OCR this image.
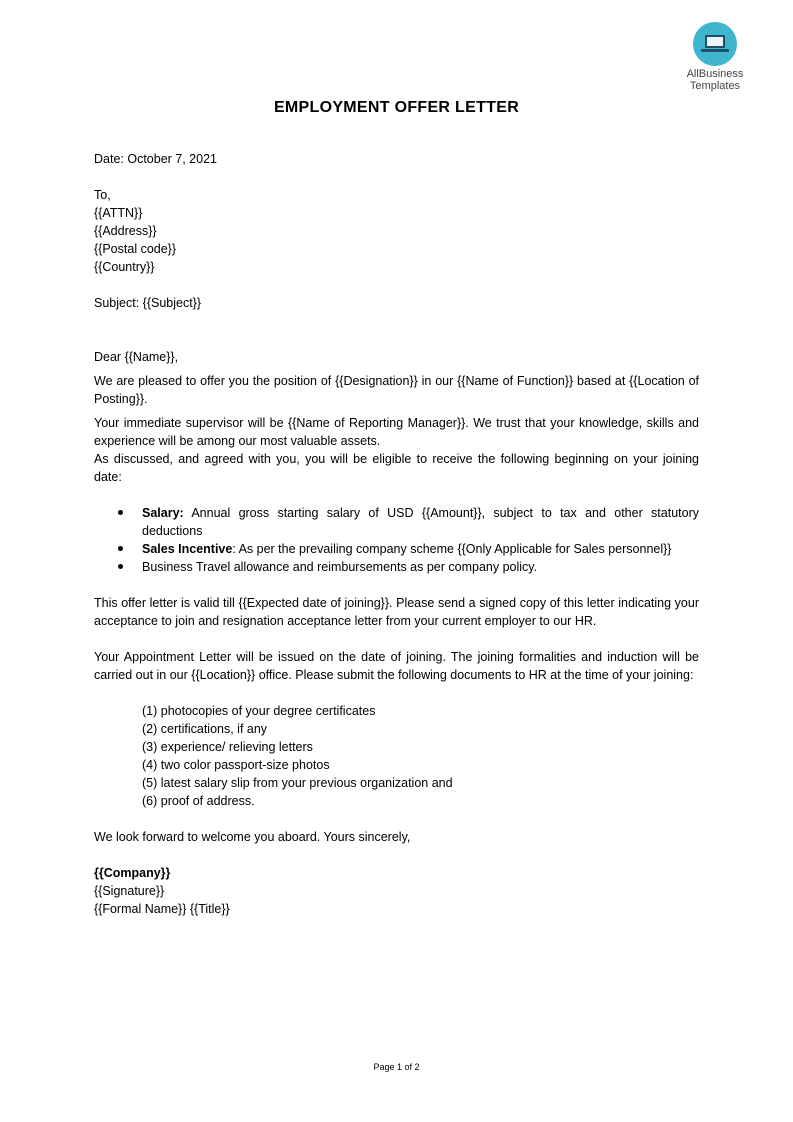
AllBusiness
Templates
EMPLOYMENT OFFER LETTER

Date: October 7, 2021

To,

{{ATTN}}

{{Address}}

{{Postal code}}

{{Country}}

Subject: {{Subject}}

Dear {{Name}},

We are pleased to offer you the position of {{Designation}} in our {{Name of Function}} based at {{Location of Posting}}.

Your immediate supervisor will be {{Name of Reporting Manager}}. We trust that your knowledge, skills and experience will be among our most valuable assets.

As discussed, and agreed with you, you will be eligible to receive the following beginning on your joining date:

Salary: Annual gross starting salary of USD {{Amount}}, subject to tax and other statutory deductions
Sales Incentive: As per the prevailing company scheme {{Only Applicable for Sales personnel}}
Business Travel allowance and reimbursements as per company policy.

This offer letter is valid till {{Expected date of joining}}. Please send a signed copy of this letter indicating your acceptance to join and resignation acceptance letter from your current employer to our HR.

Your Appointment Letter will be issued on the date of joining. The joining formalities and induction will be carried out in our {{Location}} office. Please submit the following documents to HR at the time of your joining:

(1) photocopies of your degree certificates

(2) certifications, if any

(3) experience/ relieving letters

(4) two color passport-size photos

(5) latest salary slip from your previous organization and

(6) proof of address.

We look forward to welcome you aboard. Yours sincerely,

{{Company}}

{{Signature}}

{{Formal Name}} {{Title}}

Page 1 of 2
